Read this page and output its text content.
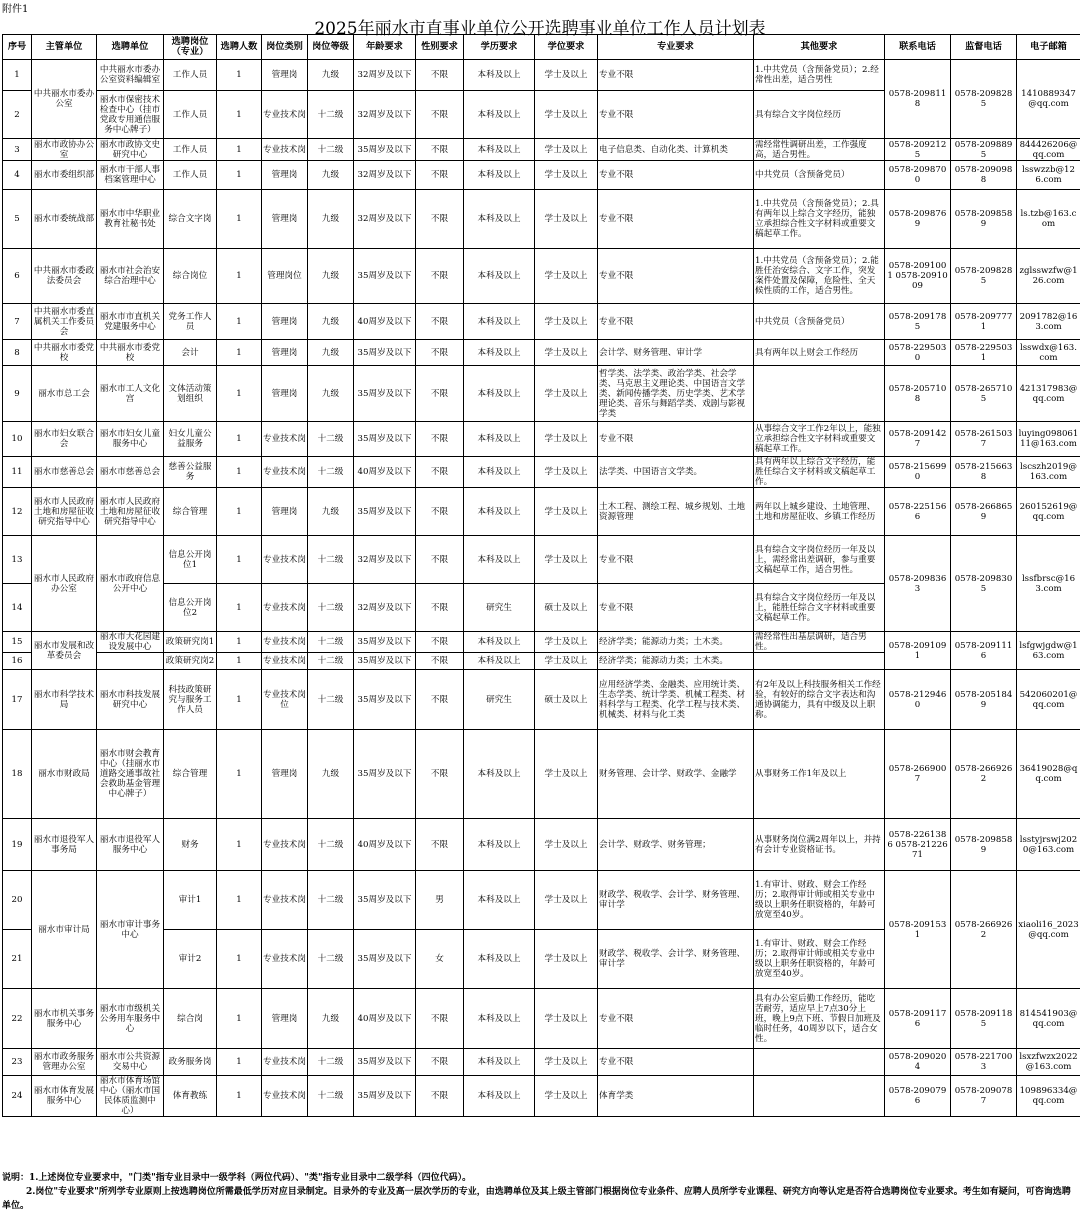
附件1
2025年丽水市直事业单位公开选聘事业单位工作人员计划表
序号	主管单位	选聘单位	选聘岗位（专业）	选聘人数	岗位类别	岗位等级	年龄要求	性别要求	学历要求	学位要求	专业要求	其他要求	联系电话	监督电话	电子邮箱
1	中共丽水市委办公室	中共丽水市委办公室资料编辑室	工作人员	1	管理岗	九级	32周岁及以下	不限	本科及以上	学士及以上	专业不限	1.中共党员（含预备党员）；2.经常性出差，适合男性	0578-2098118	0578-2098285	1410889347@qq.com
2		丽水市保密技术检查中心（挂市党政专用通信服务中心牌子）	工作人员	1	专业技术岗	十二级	32周岁及以下	不限	本科及以上	学士及以上	专业不限	具有综合文字岗位经历			
3	丽水市政协办公室	丽水市政协文史研究中心	工作人员	1	专业技术岗	十二级	35周岁及以下	不限	本科及以上	学士及以上	电子信息类、自动化类、计算机类	需经常性调研出差，工作强度高，适合男性。	0578-2092125	0578-2098895	844426206@qq.com
4	丽水市委组织部	丽水市干部人事档案管理中心	工作人员	1	管理岗	九级	32周岁及以下	不限	本科及以上	学士及以上	专业不限	中共党员（含预备党员）	0578-2098700	0578-2090988	lsswzzb@126.com
5	丽水市委统战部	丽水市中华职业教育社秘书处	综合文字岗	1	管理岗	九级	32周岁及以下	不限	本科及以上	学士及以上	专业不限	1.中共党员（含预备党员）；2.具有两年以上综合文字经历，能独立承担综合性文字材料或重要文稿起草工作。	0578-2098769	0578-2098589	ls.tzb@163.com
6	中共丽水市委政法委员会	丽水市社会治安综合治理中心	综合岗位	1	管理岗位	九级	35周岁及以下	不限	本科及以上	学士及以上	专业不限	1.中共党员（含预备党员）；2.能胜任治安综合、文字工作，突发案件处置及保障，危险性、全天候性质的工作，适合男性。	0578-2091001 0578-2091009	0578-2098285	zglsswzfw@126.com
7	中共丽水市委直属机关工作委员会	丽水市市直机关党建服务中心	党务工作人员	1	管理岗	九级	40周岁及以下	不限	本科及以上	学士及以上	专业不限	中共党员（含预备党员）	0578-2091785	0578-2097771	2091782@163.com
8	中共丽水市委党校	中共丽水市委党校	会计	1	管理岗	九级	35周岁及以下	不限	本科及以上	学士及以上	会计学、财务管理、审计学	具有两年以上财会工作经历	0578-2295030	0578-2295031	lsswdx@163.com
9	丽水市总工会	丽水市工人文化宫	文体活动策划组织	1	管理岗	九级	35周岁及以下	不限	本科及以上	学士及以上	哲学类、法学类、政治学类、社会学类、马克思主义理论类、中国语言文学类、新闻传播学类、历史学类、艺术学理论类、音乐与舞蹈学类、戏剧与影视学类		0578-2057108	0578-2657105	421317983@qq.com
10	丽水市妇女联合会	丽水市妇女儿童服务中心	妇女儿童公益服务	1	专业技术岗	十二级	35周岁及以下	不限	本科及以上	学士及以上	专业不限	从事综合文字工作2年以上，能独立承担综合性文字材料或重要文稿起草工作。	0578-2091427	0578-2615037	luying09806111@163.com
11	丽水市慈善总会	丽水市慈善总会	慈善公益服务	1	专业技术岗	十二级	40周岁及以下	不限	本科及以上	学士及以上	法学类、中国语言文学类。	具有两年以上综合文字经历，能胜任综合文字材料或文稿起草工作。	0578-2156990	0578-2156638	lscszh2019@163.com
12	丽水市人民政府土地和房屋征收研究指导中心	丽水市人民政府土地和房屋征收研究指导中心	综合管理	1	管理岗	九级	35周岁及以下	不限	本科及以上	学士及以上	土木工程、测绘工程、城乡规划、土地资源管理	两年以上城乡建设、土地管理、土地和房屋征收、乡镇工作经历	0578-2251566	0578-2668659	260152619@qq.com
13	丽水市人民政府办公室	丽水市政府信息公开中心	信息公开岗位1	1	专业技术岗	十二级	32周岁及以下	不限	本科及以上	学士及以上	专业不限	具有综合文字岗位经历一年及以上，需经常出差调研，参与重要文稿起草工作，适合男性。	0578-2098363	0578-2098305	lssfbrsc@163.com
14			信息公开岗位2	1	专业技术岗	十二级	32周岁及以下	不限	研究生	硕士及以上	专业不限	具有综合文字岗位经历一年及以上，能胜任综合文字材料或重要文稿起草工作。			
15	丽水市发展和改革委员会	丽水市大花园建设发展中心	政策研究岗1	1	专业技术岗	十二级	35周岁及以下	不限	本科及以上	学士及以上	经济学类；能源动力类；土木类。	需经常性出基层调研，适合男性。	0578-2091091	0578-2091116	lsfgwjgdw@163.com
16			政策研究岗2	1	专业技术岗	十二级	35周岁及以下	不限	本科及以上	学士及以上	经济学类；能源动力类；土木类。				
17	丽水市科学技术局	丽水市科技发展研究中心	科技政策研究与服务工作人员	1	专业技术岗位	十二级	35周岁及以下	不限	研究生	硕士及以上	应用经济学类、金融类、应用统计类、生态学类、统计学类、机械工程类、材料科学与工程类、化学工程与技术类、机械类、材料与化工类	有2年及以上科技服务相关工作经验，有较好的综合文字表达和沟通协调能力，具有中级及以上职称。	0578-2129460	0578-2051849	542060201@qq.com
18	丽水市财政局	丽水市财会教育中心（挂丽水市道路交通事故社会救助基金管理中心牌子）	综合管理	1	管理岗	九级	35周岁及以下	不限	本科及以上	学士及以上	财务管理、会计学、财政学、金融学	从事财务工作1年及以上	0578-2669007	0578-2669262	36419028@qq.com
19	丽水市退役军人事务局	丽水市退役军人服务中心	财务	1	专业技术岗	十二级	40周岁及以下	不限	本科及以上	学士及以上	会计学、财政学、财务管理；	从事财务岗位满2周年以上，并持有会计专业资格证书。	0578-2261386 0578-2122671	0578-2098589	lsstyjrswj2020@163.com
20	丽水市审计局	丽水市审计事务中心	审计1	1	专业技术岗	十二级	35周岁及以下	男	本科及以上	学士及以上	财政学、税收学、会计学、财务管理、审计学	1.有审计、财政、财会工作经历；2.取得审计师或相关专业中级以上职务任职资格的，年龄可放宽至40岁。	0578-2091531	0578-2669262	xiaoli16_2023@qq.com
21			审计2	1	专业技术岗	十二级	35周岁及以下	女	本科及以上	学士及以上	财政学、税收学、会计学、财务管理、审计学	1.有审计、财政、财会工作经历；2.取得审计师或相关专业中级以上职务任职资格的，年龄可放宽至40岁。			
22	丽水市机关事务服务中心	丽水市市级机关公务用车服务中心	综合岗	1	管理岗	九级	40周岁及以下	不限	本科及以上	学士及以上	专业不限	具有办公室后勤工作经历，能吃苦耐劳，适应早上7点30分上班，晚上9点下班、节假日加班及临时任务，40周岁以下，适合女性。	0578-2091176	0578-2091185	814541903@qq.com
23	丽水市政务服务管理办公室	丽水市公共资源交易中心	政务服务岗	1	专业技术岗	十二级	35周岁及以下	不限	本科及以上	学士及以上	专业不限		0578-2090204	0578-2217003	lsxzfwzx2022@163.com
24	丽水市体育发展服务中心	丽水市体育场馆中心（丽水市国民体质监测中心）	体育教练	1	专业技术岗	十二级	35周岁及以下	不限	本科及以上	学士及以上	体育学类		0578-2090796	0578-2090787	109896334@qq.com
说明：1.上述岗位专业要求中，"门类"指专业目录中一级学科（两位代码）、"类"指专业目录中二级学科（四位代码）。
2.岗位"专业要求"所列学专业原则上按选聘岗位所需最低学历对应目录制定。目录外的专业及高一层次学历的专业，由选聘单位及其上级主管部门根据岗位专业条件、应聘人员所学专业课程、研究方向等认定是否符合选聘岗位专业要求。考生如有疑问，可咨询选聘单位。
